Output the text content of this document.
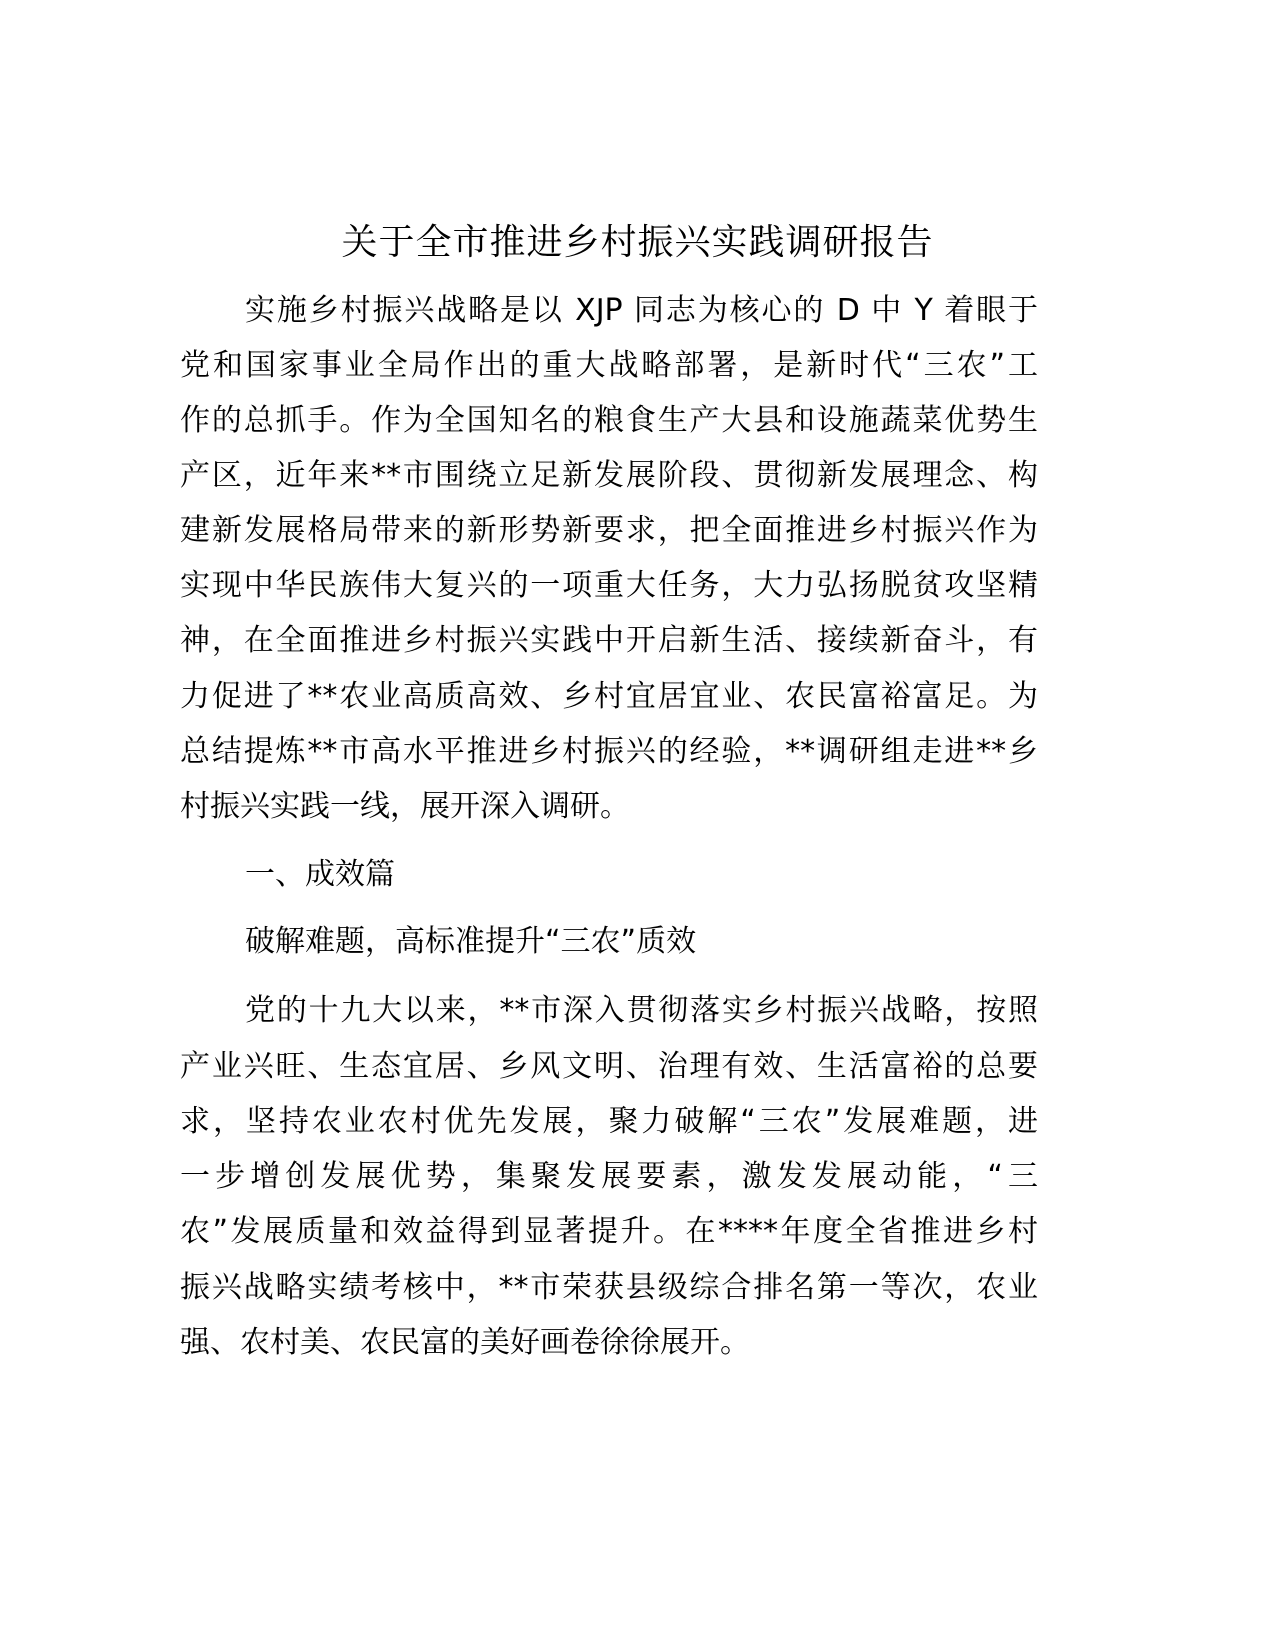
关于全市推进乡村振兴实践调研报告

实施乡村振兴战略是以 XJP 同志为核心的 D 中 Y 着眼于

党和国家事业全局作出的重大战略部署，是新时代“三农”工

作的总抓手。作为全国知名的粮食生产大县和设施蔬菜优势生

产区，近年来**市围绕立足新发展阶段、贯彻新发展理念、构

建新发展格局带来的新形势新要求，把全面推进乡村振兴作为

实现中华民族伟大复兴的一项重大任务，大力弘扬脱贫攻坚精

神，在全面推进乡村振兴实践中开启新生活、接续新奋斗，有

力促进了**农业高质高效、乡村宜居宜业、农民富裕富足。为

总结提炼**市高水平推进乡村振兴的经验，**调研组走进**乡

村振兴实践一线，展开深入调研。

一、成效篇

破解难题，高标准提升“三农”质效

党的十九大以来，**市深入贯彻落实乡村振兴战略，按照

产业兴旺、生态宜居、乡风文明、治理有效、生活富裕的总要

求，坚持农业农村优先发展，聚力破解“三农”发展难题，进

一步增创发展优势，集聚发展要素，激发发展动能，“三

农”发展质量和效益得到显著提升。在****年度全省推进乡村

振兴战略实绩考核中，**市荣获县级综合排名第一等次，农业

强、农村美、农民富的美好画卷徐徐展开。
